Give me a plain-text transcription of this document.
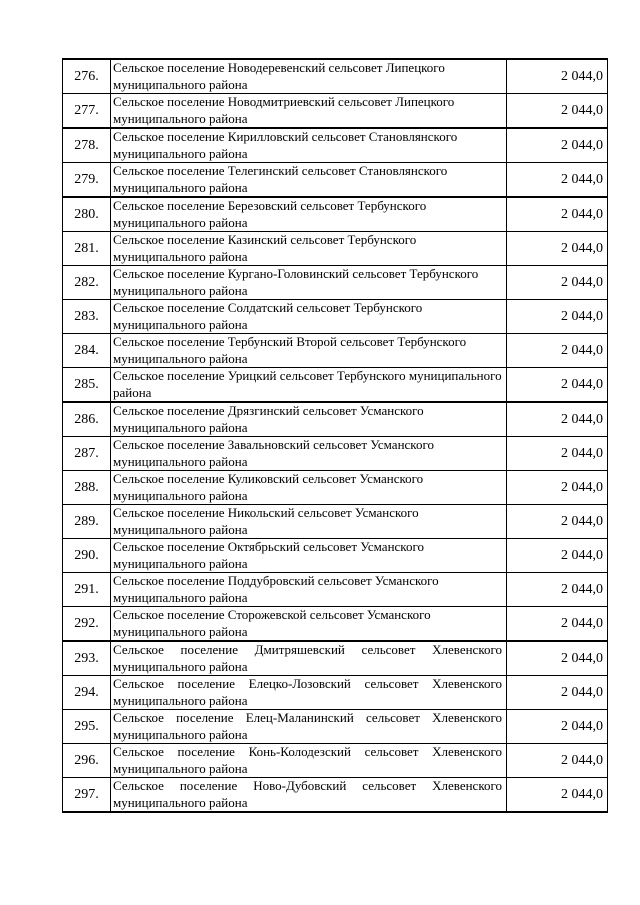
276.	Сельское поселение Новодеревенский сельсовет Липецкого муниципального района	2 044,0
277.	Сельское поселение Новодмитриевский сельсовет Липецкого муниципального района	2 044,0
278.	Сельское поселение Кирилловский сельсовет Становлянского муниципального района	2 044,0
279.	Сельское поселение Телегинский сельсовет Становлянского муниципального района	2 044,0
280.	Сельское поселение Березовский сельсовет Тербунского муниципального района	2 044,0
281.	Сельское поселение Казинский сельсовет Тербунского муниципального района	2 044,0
282.	Сельское поселение Кургано-Головинский сельсовет Тербунского муниципального района	2 044,0
283.	Сельское поселение Солдатский сельсовет Тербунского муниципального района	2 044,0
284.	Сельское поселение Тербунский Второй сельсовет Тербунского муниципального района	2 044,0
285.	Сельское поселение Урицкий сельсовет Тербунского муниципального района	2 044,0
286.	Сельское поселение Дрязгинский сельсовет Усманского муниципального района	2 044,0
287.	Сельское поселение Завальновский сельсовет Усманского муниципального района	2 044,0
288.	Сельское поселение Куликовский сельсовет Усманского муниципального района	2 044,0
289.	Сельское поселение Никольский сельсовет Усманского муниципального района	2 044,0
290.	Сельское поселение Октябрьский сельсовет Усманского муниципального района	2 044,0
291.	Сельское поселение Поддубровский сельсовет Усманского муниципального района	2 044,0
292.	Сельское поселение Сторожевской сельсовет Усманского муниципального района	2 044,0
293.	Сельское поселение Дмитряшевский сельсовет Хлевенского муниципального района	2 044,0
294.	Сельское поселение Елецко-Лозовский сельсовет Хлевенского муниципального района	2 044,0
295.	Сельское поселение Елец-Маланинский сельсовет Хлевенского муниципального района	2 044,0
296.	Сельское поселение Конь-Колодезский сельсовет Хлевенского муниципального района	2 044,0
297.	Сельское поселение Ново-Дубовский сельсовет Хлевенского муниципального района	2 044,0
